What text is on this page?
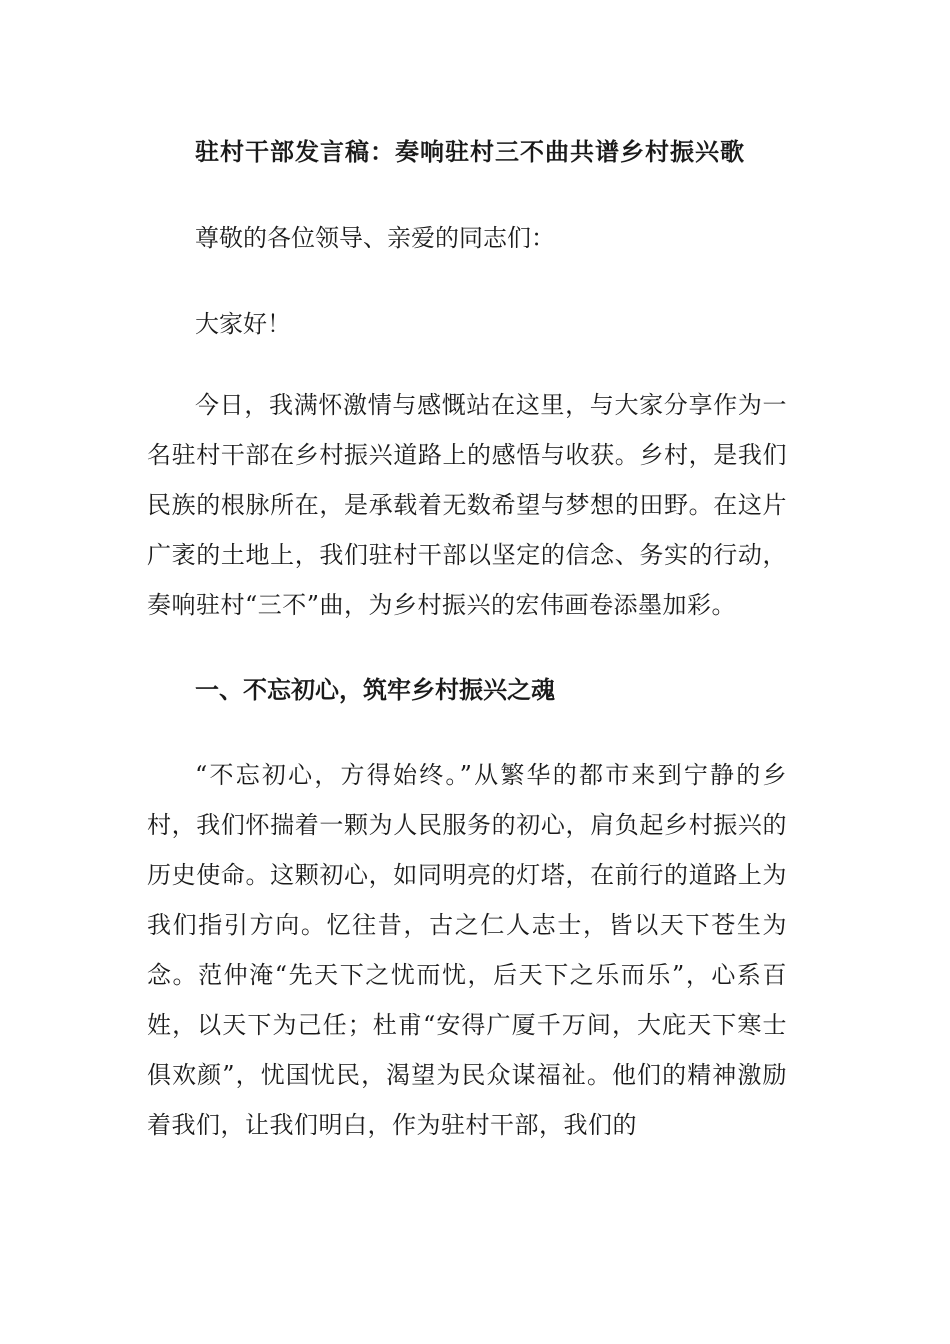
驻村干部发言稿：奏响驻村三不曲共谱乡村振兴歌

尊敬的各位领导、亲爱的同志们：

大家好！

今日，我满怀激情与感慨站在这里，与大家分享作为一名驻村干部在乡村振兴道路上的感悟与收获。乡村，是我们民族的根脉所在，是承载着无数希望与梦想的田野。在这片广袤的土地上，我们驻村干部以坚定的信念、务实的行动，奏响驻村“三不”曲，为乡村振兴的宏伟画卷添墨加彩。

一、不忘初心，筑牢乡村振兴之魂

“不忘初心，方得始终。”从繁华的都市来到宁静的乡村，我们怀揣着一颗为人民服务的初心，肩负起乡村振兴的历史使命。这颗初心，如同明亮的灯塔，在前行的道路上为我们指引方向。忆往昔，古之仁人志士，皆以天下苍生为念。范仲淹“先天下之忧而忧，后天下之乐而乐”，心系百姓，以天下为己任；杜甫“安得广厦千万间，大庇天下寒士俱欢颜”，忧国忧民，渴望为民众谋福祉。他们的精神激励着我们，让我们明白，作为驻村干部，我们的
